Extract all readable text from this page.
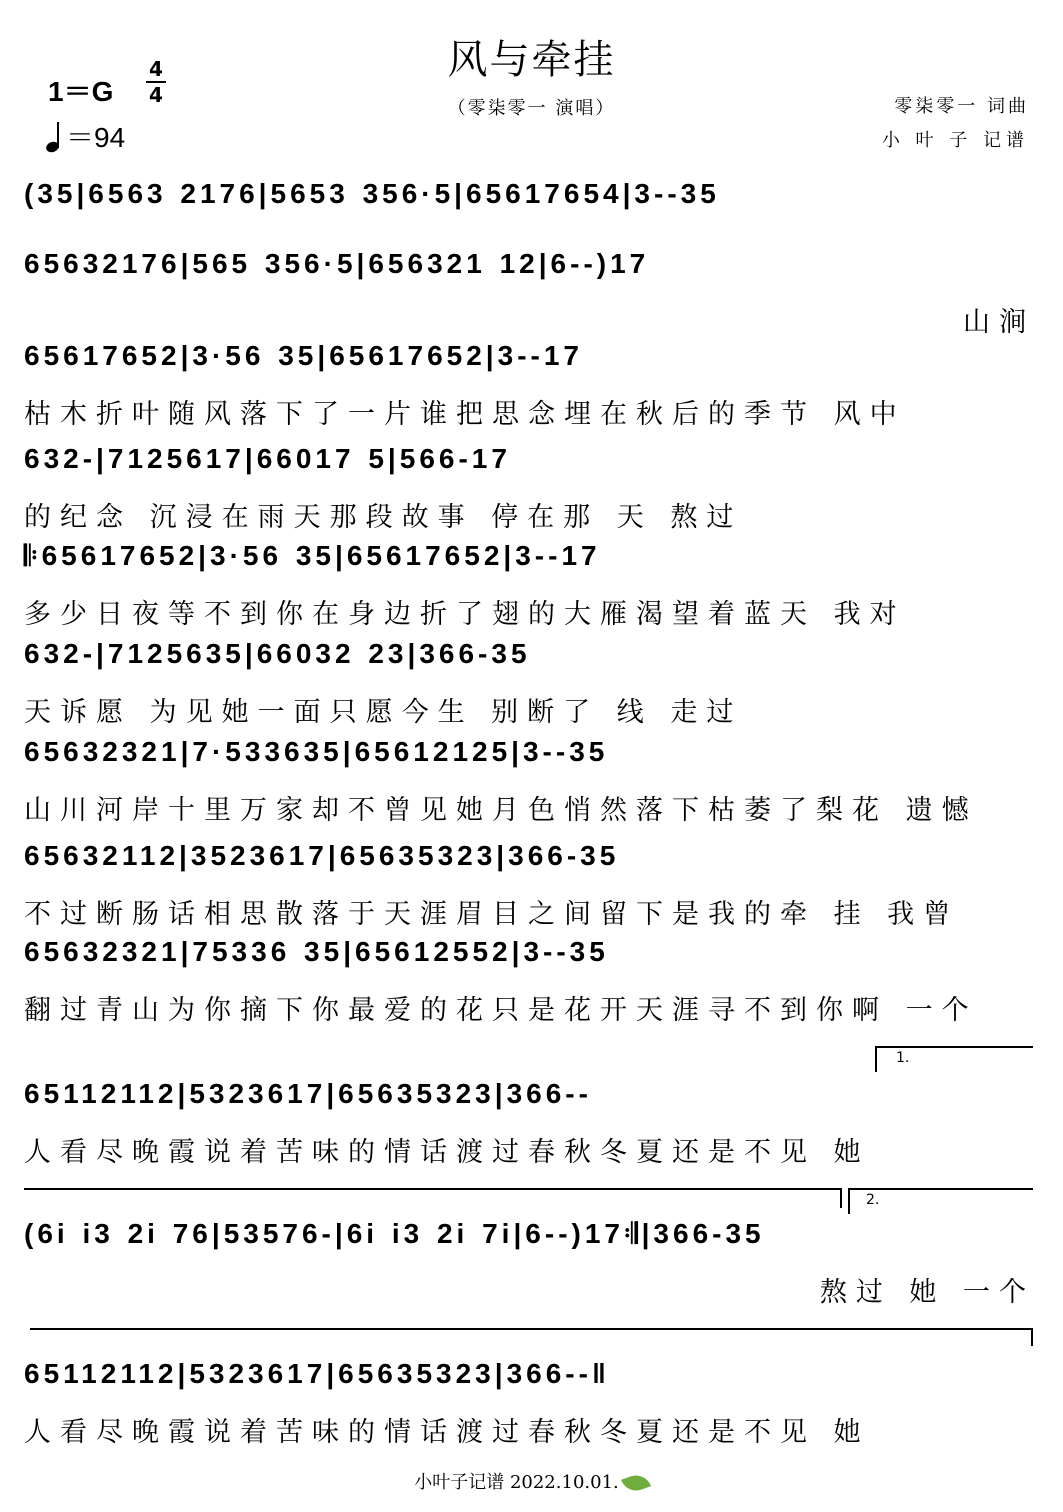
风与牵挂
（零柒零一 演唱）	零柒零一 词曲
小 叶 子 记谱
1＝G
4
4
＝94
(35|6563 2176|5653 356·5|65617654|3--35
65632176|565 356·5|656321 12|6--)17
山涧
65617652|3·56 35|65617652|3--17
枯木折叶随风落下了一片谁把思念埋在秋后的季节 风中
632-|7125617|66017 5|566-17
的纪念 沉浸在雨天那段故事 停在那 天 熬过
𝄆65617652|3·56 35|65617652|3--17
多少日夜等不到你在身边折了翅的大雁渴望着蓝天 我对
632-|7125635|66032 23|366-35
天诉愿 为见她一面只愿今生 别断了 线 走过
65632321|7·533635|65612125|3--35
山川河岸十里万家却不曾见她月色悄然落下枯萎了梨花 遗憾
65632112|3523617|65635323|366-35
不过断肠话相思散落于天涯眉目之间留下是我的牵 挂 我曾
65632321|75336 35|65612552|3--35
翻过青山为你摘下你最爱的花只是花开天涯寻不到你啊 一个
65112112|5323617|65635323|366--
人看尽晚霞说着苦味的情话渡过春秋冬夏还是不见 她
(6i i3 2i 76|53576-|6i i3 2i 7i|6--)17𝄇|366-35
熬过 她 一个
65112112|5323617|65635323|366--‖
人看尽晚霞说着苦味的情话渡过春秋冬夏还是不见 她
1.
2.
小叶子记谱 2022.10.01.
